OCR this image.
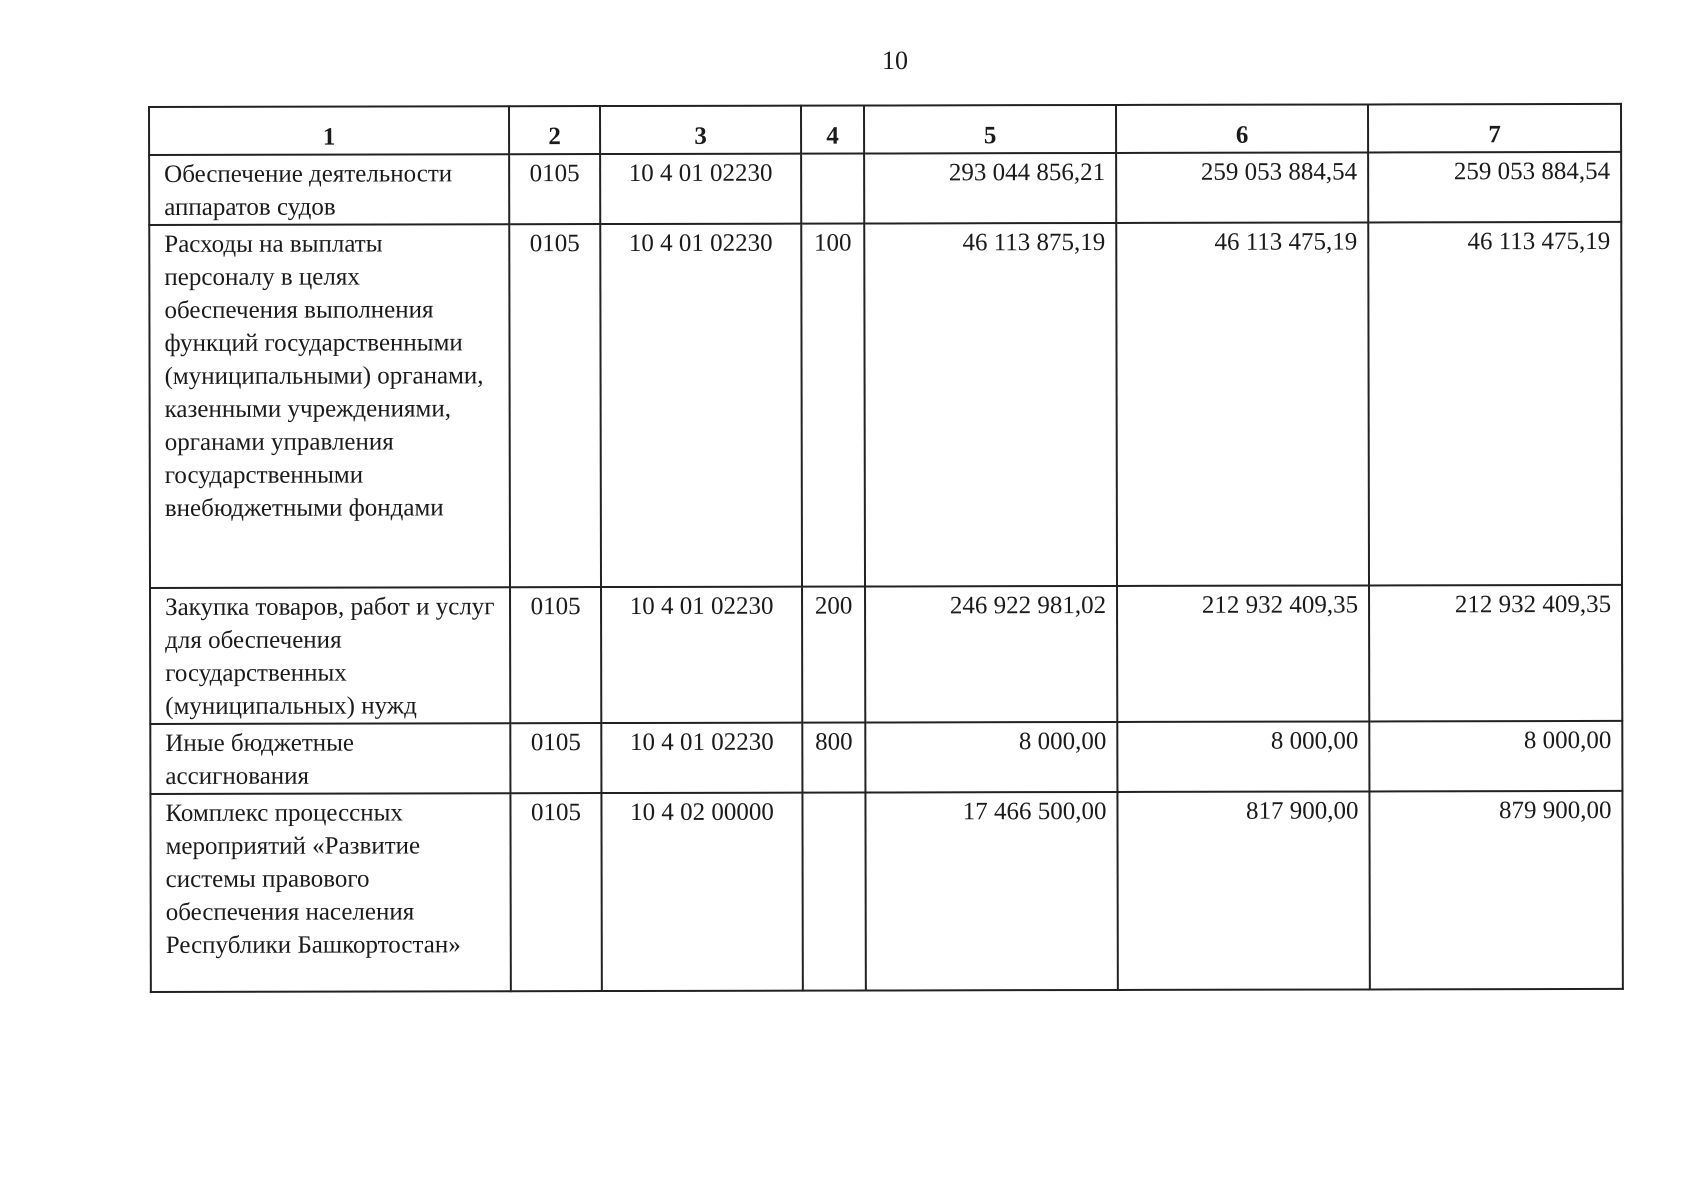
10
1	2	3	4	5	6	7
Обеспечение деятельности аппаратов судов	0105	10 4 01 02230		293 044 856,21	259 053 884,54	259 053 884,54
Расходы на выплаты персоналу в целях обеспечения выполнения функций государственными (муниципальными) органами, казенными учреждениями, органами управления государственными внебюджетными фондами	0105	10 4 01 02230	100	46 113 875,19	46 113 475,19	46 113 475,19
Закупка товаров, работ и услуг для обеспечения государственных (муниципальных) нужд	0105	10 4 01 02230	200	246 922 981,02	212 932 409,35	212 932 409,35
Иные бюджетные ассигнования	0105	10 4 01 02230	800	8 000,00	8 000,00	8 000,00
Комплекс процессных мероприятий «Развитие системы правового обеспечения населения Республики Башкортостан»	0105	10 4 02 00000		17 466 500,00	817 900,00	879 900,00
